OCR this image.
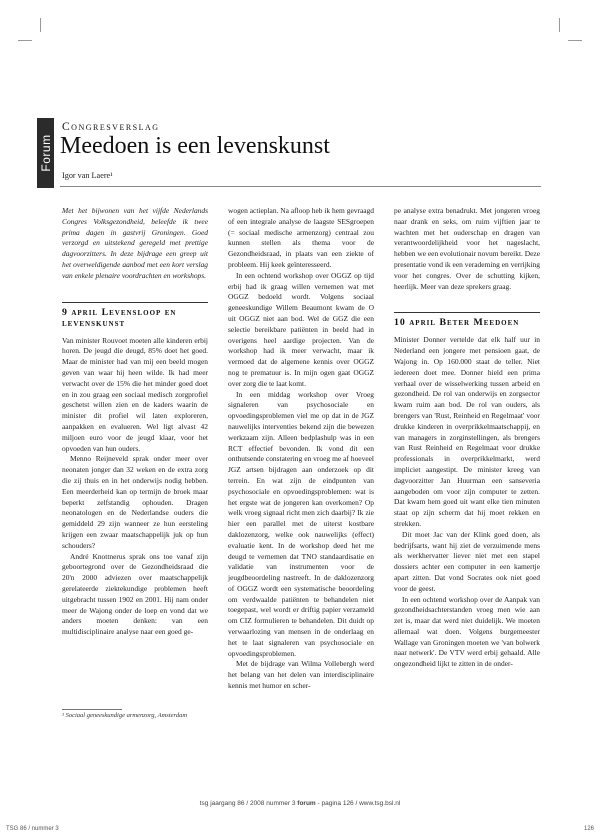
Forum
Congresverslag
Meedoen is een levenskunst
Igor van Laere¹

Met het bijwonen van het vijfde Nederlands Congres Volksgezondheid, beleefde ik twee prima dagen in gastvrij Groningen. Goed verzorgd en uitstekend geregeld met prettige dagvoorzitters. In deze bijdrage een greep uit het overweldigende aanbod met een kort verslag van enkele plenaire voordrachten en workshops.

9 april Levensloop en levenskunst

Van minister Rouvoet moeten alle kinderen erbij horen. De jeugd die deugd, 85% doet het goed. Maar de minister had van mij een beeld mogen geven van waar hij heen wilde. Ik had meer verwacht over de 15% die het minder goed doet en in zou graag een sociaal medisch zorgprofiel geschetst willen zien en de kaders waarin de minister dit profiel wil laten exploreren, aanpakken en evalueren. Wel ligt alvast 42 miljoen euro voor de jeugd klaar, voor het opvoeden van hun ouders.

Menno Reijneveld sprak onder meer over neonaten jonger dan 32 weken en de extra zorg die zij thuis en in het onderwijs nodig hebben. Een meerderheid kan op termijn de broek maar beperkt zelfstandig ophouden. Dragen neonatologen en de Nederlandse ouders die gemiddeld 29 zijn wanneer ze hun eersteling krijgen een zwaar maatschappelijk juk op hun schouders?

André Knottnerus sprak ons toe vanaf zijn geboortegrond over de Gezondheidsraad die 20'n 2000 adviezen over maatschappelijk gerelateerde ziektekundige problemen heeft uitgebracht tussen 1902 en 2001. Hij nam onder meer de Wajong onder de loep en vond dat we anders moeten denken: van een multidisciplinaire analyse naar een goed ge-

¹ Sociaal geneeskundige armenzorg, Amsterdam

wogen actieplan. Na afloop heb ik hem gevraagd of een integrale analyse de laagste SESgroepen (= sociaal medische armenzorg) centraal zou kunnen stellen als thema voor de Gezondheidsraad, in plaats van een ziekte of probleem. Hij keek geïnteresseerd.

In een ochtend workshop over OGGZ op tijd erbij had ik graag willen vernemen wat met OGGZ bedoeld wordt. Volgens sociaal geneeskundige Willem Beaumont kwam de O uit OGGZ niet aan bod. Wel de GGZ die een selectie bereikbare patiënten in beeld had in overigens heel aardige projecten. Van de workshop had ik meer verwacht, maar ik vermoed dat de algemene kennis over OGGZ nog te prematuur is. In mijn ogen gaat OGGZ over zorg die te laat komt.

In een middag workshop over Vroeg signaleren van psychosociale en opvoedingsproblemen viel me op dat in de JGZ nauwelijks interventies bekend zijn die bewezen werkzaam zijn. Alleen bedplashulp was in een RCT effectief bevonden. Ik vond dit een onthutsende constatering en vroeg me af hoeveel JGZ artsen bijdragen aan onderzoek op dit terrein. En wat zijn de eindpunten van psychosociale en opvoedingsproblemen: wat is het ergste wat de jongeren kan overkomen? Op welk vroeg signaal richt men zich daarbij? Ik zie hier een parallel met de uiterst kostbare daklozenzorg, welke ook nauwelijks (effect) evaluatie kent. In de workshop deed het me deugd te vernemen dat TNO standaardisatie en validatie van instrumenten voor de jeugdbeoordeling nastreeft. In de daklozenzorg of OGGZ wordt een systematische beoordeling om verdwaalde patiënten te behandelen niet toegepast, wel wordt er driftig papier verzameld om CIZ formulieren te behandelen. Dit duidt op verwaarlozing van mensen in de onderlaag en het te laat signaleren van psychosociale en opvoedingsproblemen.

Met de bijdrage van Wilma Vollebergh werd het belang van het delen van interdisciplinaire kennis met humor en scher-

pe analyse extra benadrukt. Met jongeren vroeg naar drank en seks, om ruim vijftien jaar te wachten met het ouderschap en dragen van verantwoordelijkheid voor het nageslacht, hebben we een evolutionair novum bereikt. Deze presentatie vond ik een verademing en verrijking voor het congres. Over de schutting kijken, heerlijk. Meer van deze sprekers graag.

10 april Beter Meedoen

Minister Donner vertelde dat elk half uur in Nederland een jongere met pensioen gaat, de Wajong in. Op 160.000 staat de teller. Niet iedereen doet mee. Donner hield een prima verhaal over de wisselwerking tussen arbeid en gezondheid. De rol van onderwijs en zorgsector kwam ruim aan bod. De rol van ouders, als brengers van 'Rust, Reinheid en Regelmaat' voor drukke kinderen in overprikkelmaatschappij, en van managers in zorginstellingen, als brengers van Rust Reinheid en Regelmaat voor drukke professionals in overprikkelmarkt, werd impliciet aangestipt. De minister kreeg van dagvoorzitter Jan Huurman een sanseveria aangeboden om voor zijn computer te zetten. Dat kwam hem goed uit want elke tien minuten staat op zijn scherm dat hij moet rekken en strekken.

Dit moet Jac van der Klink goed doen, als bedrijfsarts, want hij ziet de verzuimende mens als werkhervatter liever niet met een stapel dossiers achter een computer in een kamertje apart zitten. Dat vond Socrates ook niet goed voor de geest.

In een ochtend workshop over de Aanpak van gezondheidsachterstanden vroeg men wie aan zet is, maar dat werd niet duidelijk. We moeten allemaal wat doen. Volgens burgemeester Wallage van Groningen moeten we 'van bolwerk naar netwerk'. De VTV werd erbij gehaald. Alle ongezondheid lijkt te zitten in de onder-

tsg jaargang 86 / 2008 nummer 3 forum - pagina 126 / www.tsg.bsl.nl
TSG 86 / nummer 3	126
